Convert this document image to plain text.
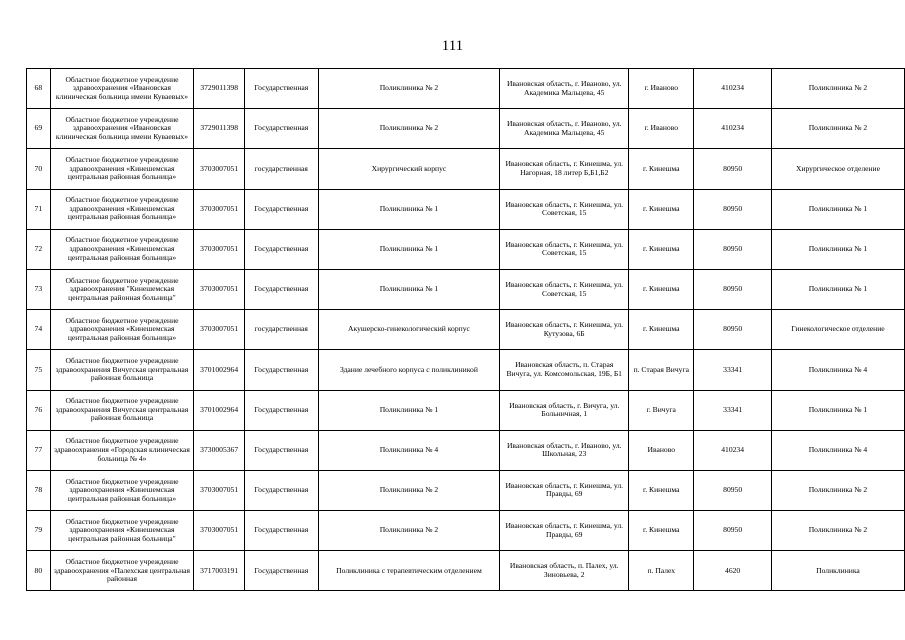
111
68	Областное бюджетное учреждение здравоохранения «Ивановская клиническая больница имени Куваевых»	3729011398	Государственная	Поликлиника № 2	Ивановская область, г. Иваново, ул. Академика Мальцева, 45	г. Иваново	410234	Поликлиника № 2
69	Областное бюджетное учреждение здравоохранения «Ивановская клиническая больница имени Куваевых»	3729011398	Государственная	Поликлиника № 2	Ивановская область, г. Иваново, ул. Академика Мальцева, 45	г. Иваново	410234	Поликлиника № 2
70	Областное бюджетное учреждение здравоохранения «Кинешемская центральная районная больница»	3703007051	государственная	Хирургический корпус	Ивановская область, г. Кинешма, ул. Нагорная, 18 литер Б,Б1,Б2	г. Кинешма	80950	Хирургическое отделение
71	Областное бюджетное учреждение здравоохранения «Кинешемская центральная районная больница»	3703007051	Государственная	Поликлиника № 1	Ивановская область, г. Кинешма, ул. Советская, 15	г. Кинешма	80950	Поликлиника № 1
72	Областное бюджетное учреждение здравоохранения «Кинешемская центральная районная больница»	3703007051	Государственная	Поликлиника № 1	Ивановская область, г. Кинешма, ул. Советская, 15	г. Кинешма	80950	Поликлиника № 1
73	Областное бюджетное учреждение здравоохранения "Кинешемская центральная районная больница"	3703007051	Государственная	Поликлиника № 1	Ивановская область, г. Кинешма, ул. Советская, 15	г. Кинешма	80950	Поликлиника № 1
74	Областное бюджетное учреждение здравоохранения «Кинешемская центральная районная больница»	3703007051	государственная	Акушерско-гинекологический корпус	Ивановская область, г. Кинешма, ул. Кутузова, 6Б	г. Кинешма	80950	Гинекологическое отделение
75	Областное бюджетное учреждение здравоохранения Вичугская центральная районная больница	3701002964	Государственная	Здание лечебного корпуса с поликлиникой	Ивановская область, п. Старая Вичуга, ул. Комсомольская, 19Б, Б1	п. Старая Вичуга	33341	Поликлиника № 4
76	Областное бюджетное учреждение здравоохранения Вичугская центральная районная больница	3701002964	Государственная	Поликлиника № 1	Ивановская область, г. Вичуга, ул. Больничная, 1	г. Вичуга	33341	Поликлиника № 1
77	Областное бюджетное учреждение здравоохранения «Городская клиническая больница № 4»	3730005367	Государственная	Поликлиника № 4	Ивановская область, г. Иваново, ул. Школьная, 23	Иваново	410234	Поликлиника № 4
78	Областное бюджетное учреждение здравоохранения «Кинешемская центральная районная больница»	3703007051	Государственная	Поликлиника № 2	Ивановская область, г. Кинешма, ул. Правды, 69	г. Кинешма	80950	Поликлиника № 2
79	Областное бюджетное учреждение здравоохранения «Кинешемская центральная районная больница"	3703007051	Государственная	Поликлиника № 2	Ивановская область, г. Кинешма, ул. Правды, 69	г. Кинешма	80950	Поликлиника № 2
80	Областное бюджетное учреждение здравоохранения «Палехская центральная районная	3717003191	Государственная	Поликлиника с терапевтическим отделением	Ивановская область, п. Палех, ул. Зиновьева, 2	п. Палех	4620	Поликлиника
